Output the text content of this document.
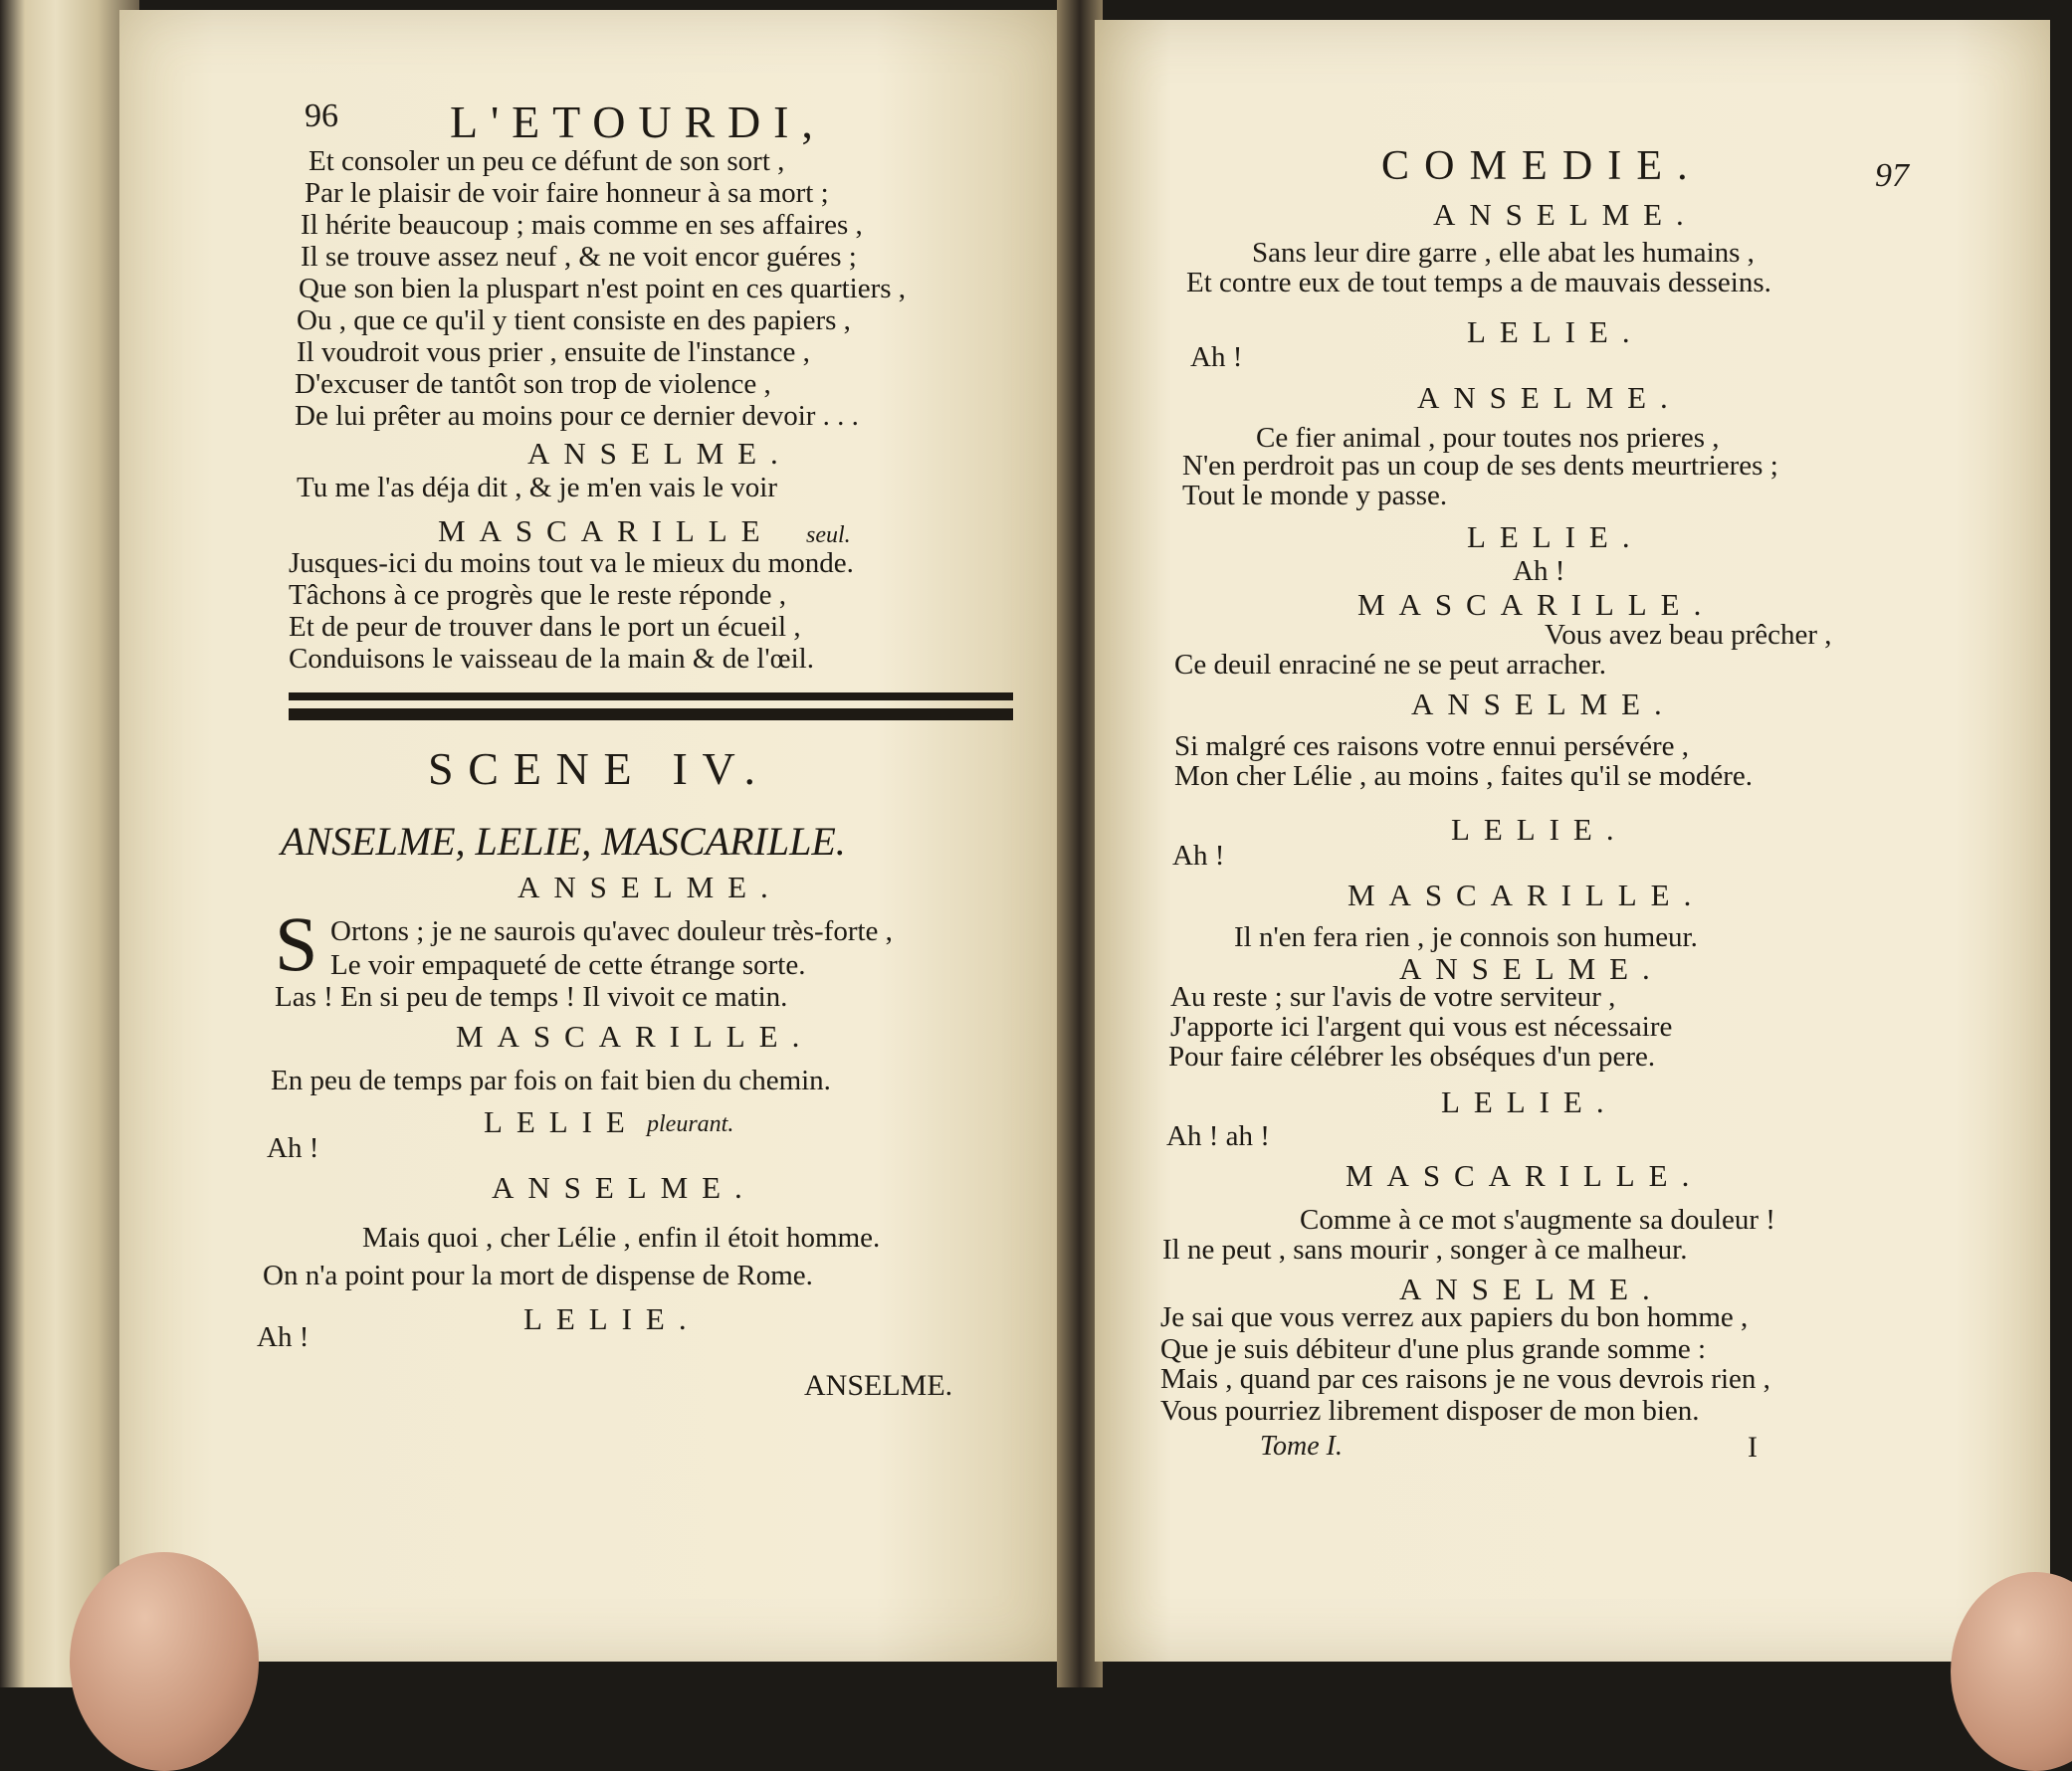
96 L'ETOURDI,
Et consoler un peu ce défunt de son sort ,
Par le plaisir de voir faire honneur à sa mort ;
Il hérite beaucoup ; mais comme en ses affaires ,
Il se trouve assez neuf , & ne voit encor guéres ;
Que son bien la pluspart n'est point en ces quartiers ,
Ou , que ce qu'il y tient consiste en des papiers ,
Il voudroit vous prier , ensuite de l'instance ,
D'excuser de tantôt son trop de violence ,
De lui prêter au moins pour ce dernier devoir . . .
ANSELME.
Tu me l'as déja dit , & je m'en vais le voir
MASCARILLE seul.
Jusques-ici du moins tout va le mieux du monde.
Tâchons à ce progrès que le reste réponde ,
Et de peur de trouver dans le port un écueil ,
Conduisons le vaisseau de la main & de l'œil.
SCENE IV.
ANSELME, LELIE, MASCARILLE.
ANSELME.
S Ortons ; je ne saurois qu'avec douleur très-forte ,
Le voir empaqueté de cette étrange sorte.
Las ! En si peu de temps ! Il vivoit ce matin.
MASCARILLE.
En peu de temps par fois on fait bien du chemin.
LELIE pleurant.
Ah !
ANSELME.
Mais quoi , cher Lélie , enfin il étoit homme.
On n'a point pour la mort de dispense de Rome.
LELIE.
Ah !
ANSELME.
COMEDIE.	97
ANSELME.
Sans leur dire garre , elle abat les humains ,
Et contre eux de tout temps a de mauvais desseins.
LELIE.
Ah !
ANSELME.
Ce fier animal , pour toutes nos prieres ,
N'en perdroit pas un coup de ses dents meurtrieres ;
Tout le monde y passe.
LELIE.
Ah !
MASCARILLE.
Vous avez beau prêcher ,
Ce deuil enraciné ne se peut arracher.
ANSELME.
Si malgré ces raisons votre ennui persévére ,
Mon cher Lélie , au moins , faites qu'il se modére.
LELIE.
Ah !
MASCARILLE.
Il n'en fera rien , je connois son humeur.
ANSELME.
Au reste ; sur l'avis de votre serviteur ,
J'apporte ici l'argent qui vous est nécessaire
Pour faire célébrer les obséques d'un pere.
LELIE.
Ah ! ah !
MASCARILLE.
Comme à ce mot s'augmente sa douleur !
Il ne peut , sans mourir , songer à ce malheur.
ANSELME.
Je sai que vous verrez aux papiers du bon homme ,
Que je suis débiteur d'une plus grande somme :
Mais , quand par ces raisons je ne vous devrois rien ,
Vous pourriez librement disposer de mon bien.
Tome I.	I
